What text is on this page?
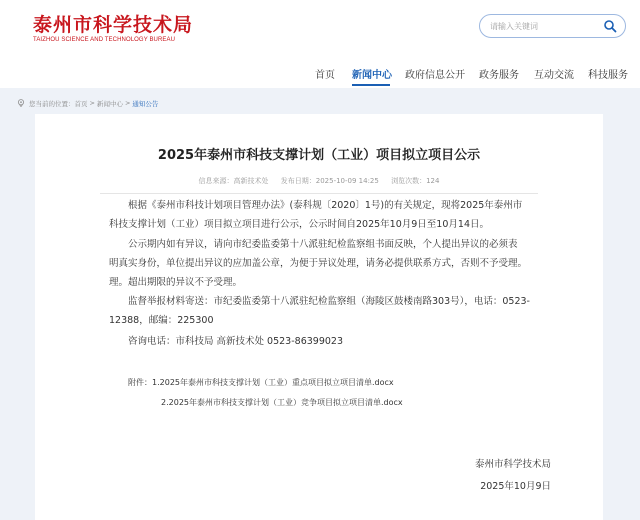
泰州市科学技术局
TAIZHOU SCIENCE AND TECHNOLOGY BUREAU
请输入关键词
首页 新闻中心 政府信息公开 政务服务 互动交流 科技服务
您当前的位置： 首页 > 新闻中心 > 通知公告
2025年泰州市科技支撑计划（工业）项目拟立项目公示
信息来源：高新技术处 发布日期：2025-10-09 14:25 浏览次数：124
根据《泰州市科技计划项目管理办法》(泰科规〔2020〕1号)的有关规定，现将2025年泰州市
科技支撑计划（工业）项目拟立项目进行公示，公示时间自2025年10月9日至10月14日。
公示期内如有异议，请向市纪委监委第十八派驻纪检监察组书面反映，个人提出异议的必须表
明真实身份，单位提出异议的应加盖公章，为便于异议处理，请务必提供联系方式，否则不予受理。
理。超出期限的异议不予受理。
监督举报材料寄送：市纪委监委第十八派驻纪检监察组（海陵区鼓楼南路303号），电话：0523-
12388，邮编：225300
咨询电话：市科技局 高新技术处 0523-86399023
附件：1.2025年泰州市科技支撑计划（工业）重点项目拟立项目清单.docx
2.2025年泰州市科技支撑计划（工业）竞争项目拟立项目清单.docx
泰州市科学技术局
2025年10月9日
